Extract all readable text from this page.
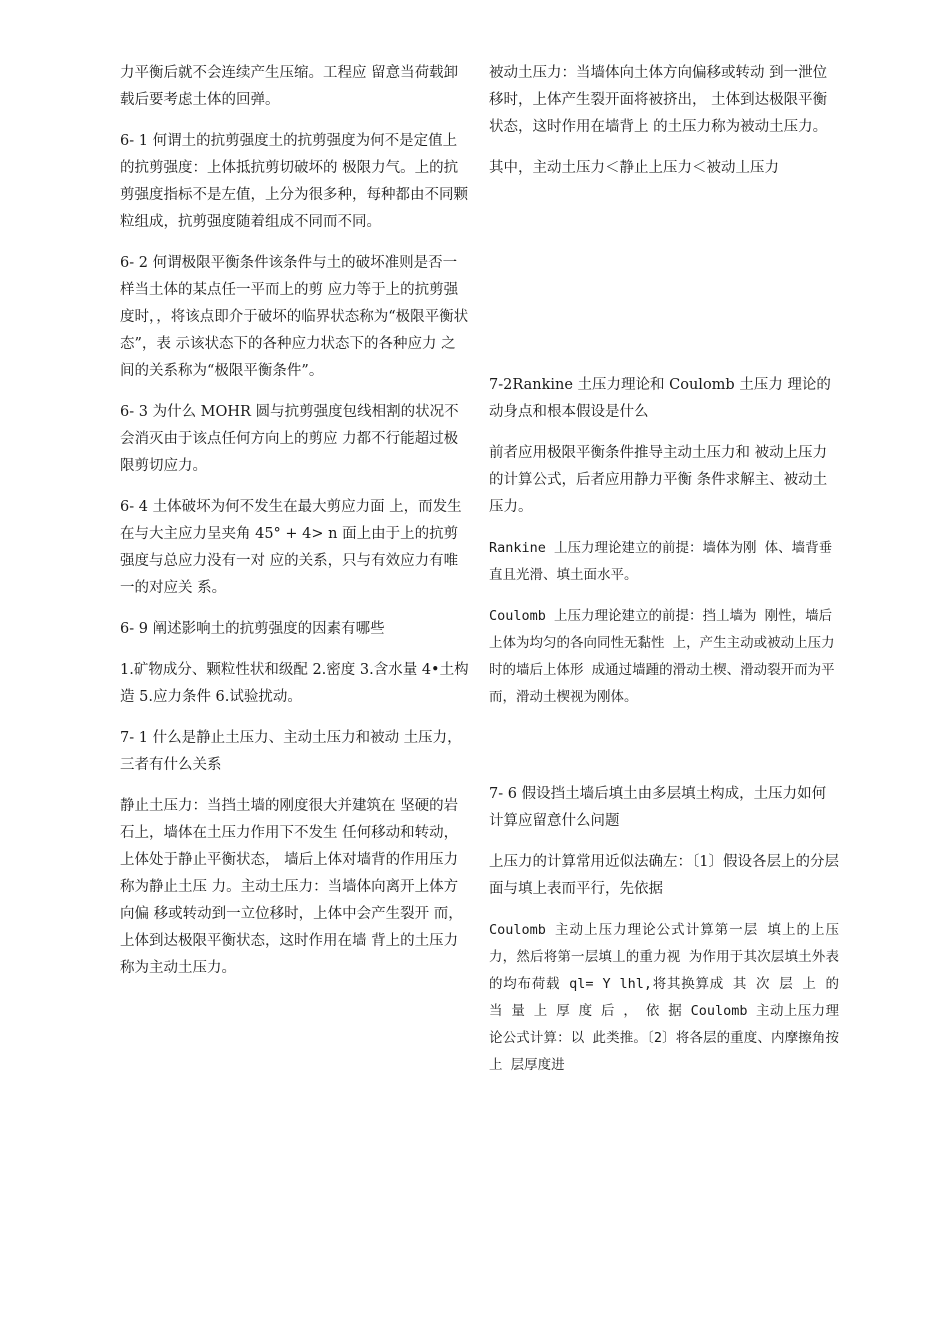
力平衡后就不会连续产生压缩。工程应 留意当荷载卸载后要考虑土体的回弹。

6- 1 何谓土的抗剪强度土的抗剪强度为何不是定值上的抗剪强度：上体抵抗剪切破坏的 极限力气。上的抗剪强度指标不是左值，上分为很多种，每种都由不同颗粒组成，抗剪强度随着组成不同而不同。

6- 2 何谓极限平衡条件该条件与土的破坏准则是否一样当土体的某点任一平而上的剪 应力等于上的抗剪强度时，，将该点即介于破坏的临界状态称为“极限平衡状态”，表 示该状态下的各种应力状态下的各种应力 之间的关系称为“极限平衡条件”。

6- 3 为什么 MOHR 圆与抗剪强度包线相割的状况不会消灭由于该点任何方向上的剪应 力都不行能超过极限剪切应力。

6- 4 土体破坏为何不发生在最大剪应力面 上，而发生在与大主应力呈夹角 45° + 4> n 面上由于上的抗剪强度与总应力没有一对 应的关系，只与有效应力有唯一的对应关 系。

6- 9 阐述影响土的抗剪强度的因素有哪些

1.矿物成分、颗粒性状和级配 2.密度 3.含水量 4•土构造 5.应力条件 6.试验扰动。

7- 1 什么是静止土压力、主动土压力和被动 土压力，三者有什么关系

静止土压力：当挡土墙的刚度很大并建筑在 坚硬的岩石上，墙体在土压力作用下不发生 任何移动和转动，上体处于静止平衡状态， 墙后上体对墙背的作用压力称为静止土压 力。主动土压力：当墙体向离开上体方向偏 移或转动到一立位移时，上体中会产生裂开 而，上体到达极限平衡状态，这时作用在墙 背上的土压力称为主动土压力。

被动土压力：当墙体向土体方向偏移或转动 到一泄位移时，上体产生裂开面将被挤出， 土体到达极限平衡状态，这时作用在墙背上 的土压力称为被动土压力。

其中，主动土压力＜静止上压力＜被动丄压力

7-2Rankine 土压力理论和 Coulomb 土压力 理论的动身点和根本假设是什么

前者应用极限平衡条件推导主动土压力和 被动上压力的计算公式，后者应用静力平衡 条件求解主、被动土压力。

Rankine 丄压力理论建立的前提：墙体为刚 体、墙背垂直且光滑、填土面水平。

Coulomb 上压力理论建立的前提：挡丄墙为 刚性，墙后上体为均匀的各向同性无黏性 上，产生主动或被动上压力时的墙后上体形 成通过墙踵的滑动土楔、滑动裂开而为平 而，滑动土楔视为刚体。

7- 6 假设挡土墙后填土由多层填土构成，土压力如何计算应留意什么问题

上压力的计算常用近似法确左：〔1〕假设各层上的分层面与填上表而平行，先依据

Coulomb 主动上压力理论公式计算第一层 填上的上压力，然后将第一层填丄的重力视 为作用于其次层填土外表的均布荷载 ql= Y lhl,将其换算成 其 次 层 上 的 当 量 上 厚 度 后 ， 依 据 Coulomb 主动上压力理论公式计算：以 此类推。〔2〕将各层的重度、内摩擦角按上 层厚度进
